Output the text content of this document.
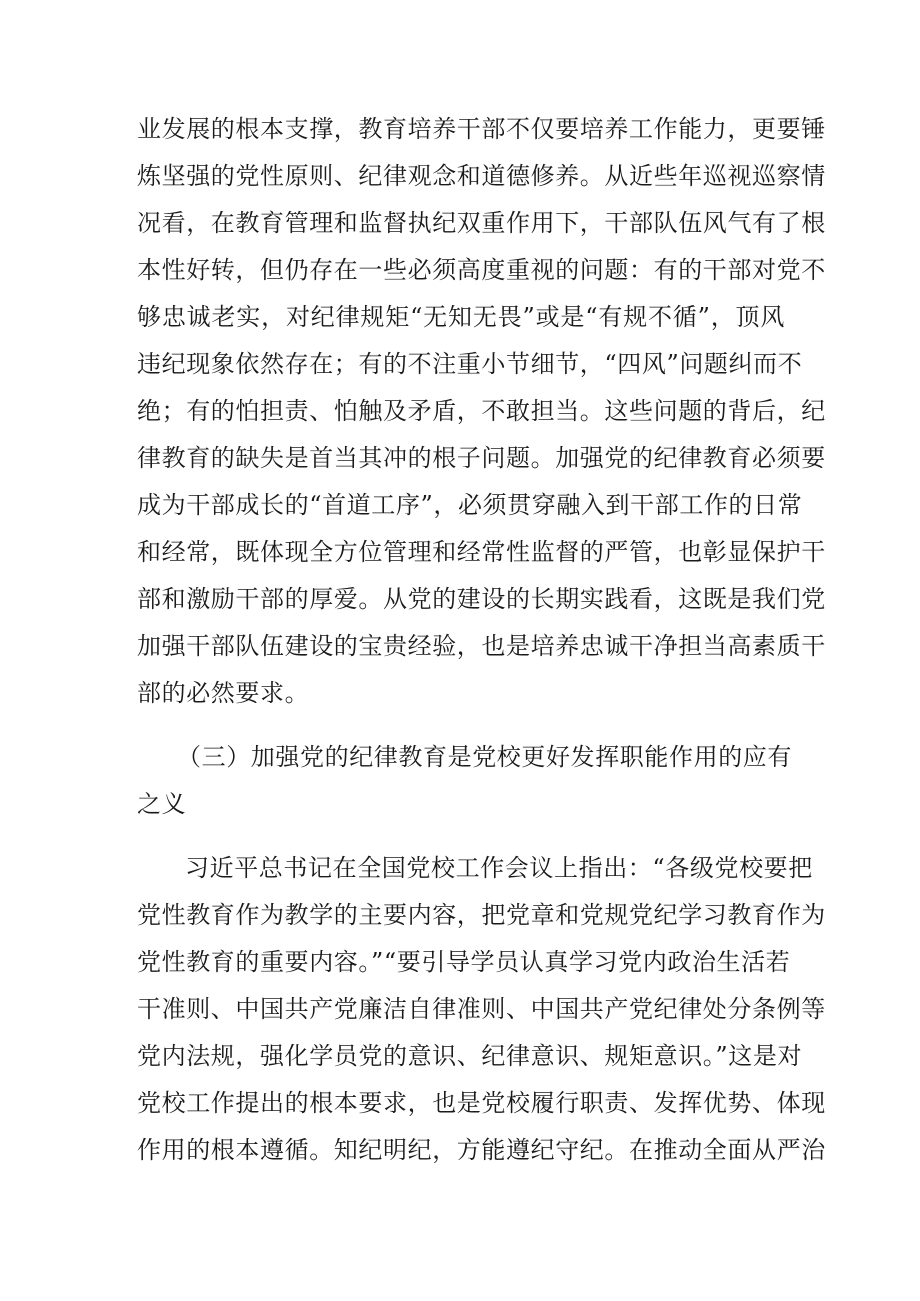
业发展的根本支撑，教育培养干部不仅要培养工作能力，更要锤
炼坚强的党性原则、纪律观念和道德修养。从近些年巡视巡察情
况看，在教育管理和监督执纪双重作用下，干部队伍风气有了根
本性好转，但仍存在一些必须高度重视的问题：有的干部对党不
够忠诚老实，对纪律规矩“无知无畏”或是“有规不循”，顶风
违纪现象依然存在；有的不注重小节细节，“四风”问题纠而不
绝；有的怕担责、怕触及矛盾，不敢担当。这些问题的背后，纪
律教育的缺失是首当其冲的根子问题。加强党的纪律教育必须要
成为干部成长的“首道工序”，必须贯穿融入到干部工作的日常
和经常，既体现全方位管理和经常性监督的严管，也彰显保护干
部和激励干部的厚爱。从党的建设的长期实践看，这既是我们党
加强干部队伍建设的宝贵经验，也是培养忠诚干净担当高素质干
部的必然要求。
（三）加强党的纪律教育是党校更好发挥职能作用的应有
之义
习近平总书记在全国党校工作会议上指出：“各级党校要把
党性教育作为教学的主要内容，把党章和党规党纪学习教育作为
党性教育的重要内容。”“要引导学员认真学习党内政治生活若
干准则、中国共产党廉洁自律准则、中国共产党纪律处分条例等
党内法规，强化学员党的意识、纪律意识、规矩意识。”这是对
党校工作提出的根本要求，也是党校履行职责、发挥优势、体现
作用的根本遵循。知纪明纪，方能遵纪守纪。在推动全面从严治
